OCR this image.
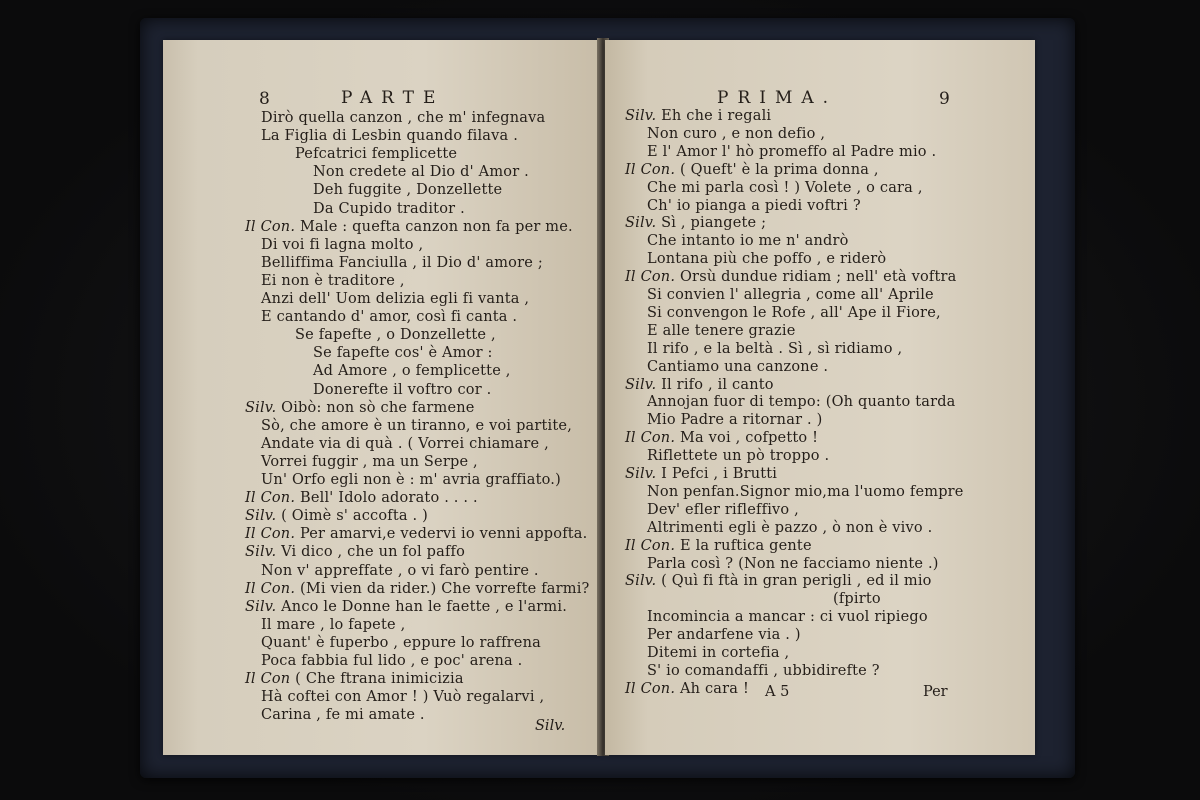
8	PARTE
Dirò quella canzon , che m' infegnava
La Figlia di Lesbin quando filava .
Pefcatrici femplicette
Non credete al Dio d' Amor .
Deh fuggite , Donzellette
Da Cupido traditor .
Il Con. Male : quefta canzon non fa per me.
Di voi fi lagna molto ,
Belliffima Fanciulla , il Dio d' amore ;
Ei non è traditore ,
Anzi dell' Uom delizia egli fi vanta ,
E cantando d' amor, così fi canta .
Se fapefte , o Donzellette ,
Se fapefte cos' è Amor :
Ad Amore , o femplicette ,
Donerefte il voftro cor .
Silv. Oibò: non sò che farmene
Sò, che amore è un tiranno, e voi partite,
Andate via di quà . ( Vorrei chiamare ,
Vorrei fuggir , ma un Serpe ,
Un' Orfo egli non è : m' avria graffiato.)
Il Con. Bell' Idolo adorato . . . .
Silv. ( Oimè s' accofta . )
Il Con. Per amarvi,e vedervi io venni appofta.
Silv. Vi dico , che un fol paffo
Non v' appreffate , o vi farò pentire .
Il Con. (Mi vien da rider.) Che vorrefte farmi?
Silv. Anco le Donne han le faette , e l'armi.
Il mare , lo fapete ,
Quant' è fuperbo , eppure lo raffrena
Poca fabbia ful lido , e poc' arena .
Il Con ( Che ftrana inimicizia
Hà coftei con Amor ! ) Vuò regalarvi ,
Carina , fe mi amate .
Silv.
PRIMA.	9
Silv. Eh che i regali
Non curo , e non defio ,
E l' Amor l' hò promeffo al Padre mio .
Il Con. ( Queft' è la prima donna ,
Che mi parla così ! ) Volete , o cara ,
Ch' io pianga a piedi voftri ?
Silv. Sì , piangete ;
Che intanto io me n' andrò
Lontana più che poffo , e riderò
Il Con. Orsù dundue ridiam ; nell' età voftra
Si convien l' allegria , come all' Aprile
Si convengon le Rofe , all' Ape il Fiore,
E alle tenere grazie
Il rifo , e la beltà . Sì , sì ridiamo ,
Cantiamo una canzone .
Silv. Il rifo , il canto
Annojan fuor di tempo: (Oh quanto tarda
Mio Padre a ritornar . )
Il Con. Ma voi , cofpetto !
Riflettete un pò troppo .
Silv. I Pefci , i Brutti
Non penfan.Signor mio,ma l'uomo fempre
Dev' efler rifleffivo ,
Altrimenti egli è pazzo , ò non è vivo .
Il Con. E la ruftica gente
Parla così ? (Non ne facciamo niente .)
Silv. ( Quì fi ftà in gran perigli , ed il mio
(fpirto
Incomincia a mancar : ci vuol ripiego
Per andarfene via . )
Ditemi in cortefia ,
S' io comandaffi , ubbidirefte ?
Il Con. Ah cara ! A 5	Per
